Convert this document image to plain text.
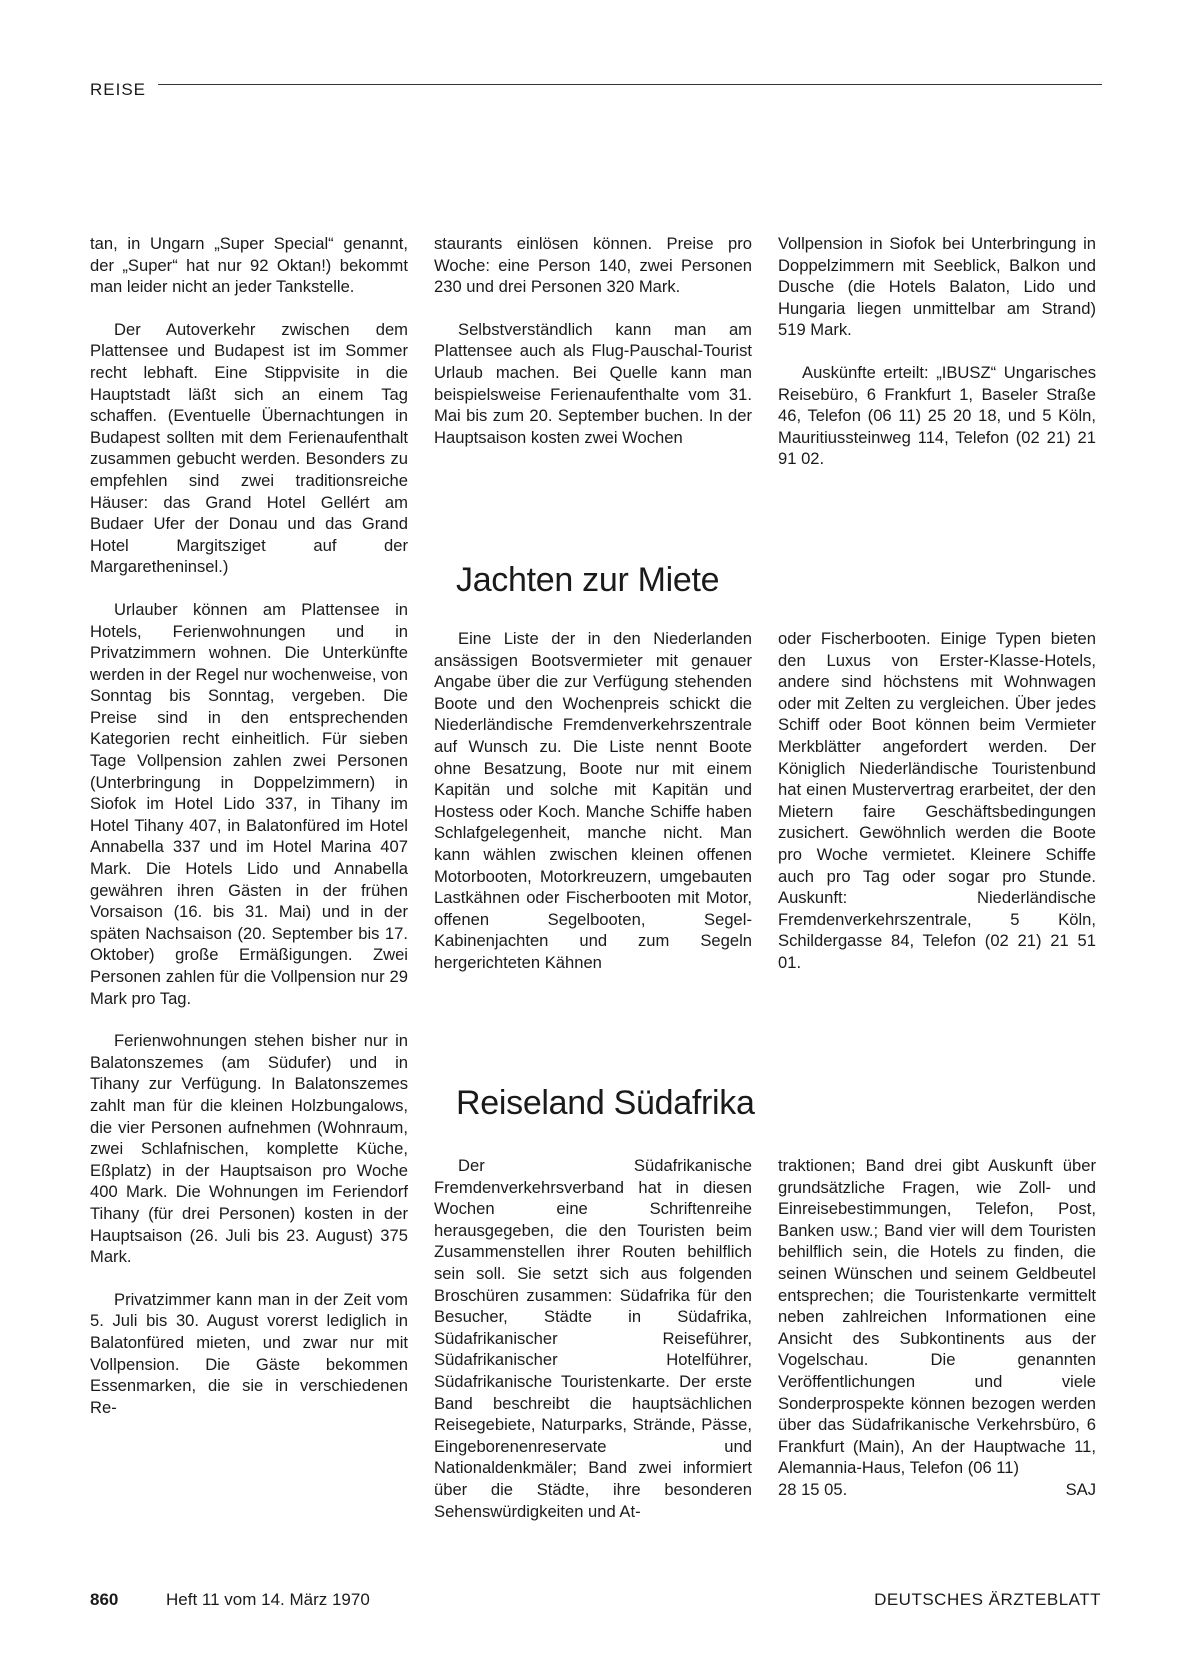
REISE

tan, in Ungarn „Super Special“ genannt, der „Super“ hat nur 92 Oktan!) bekommt man leider nicht an jeder Tankstelle.

Der Autoverkehr zwischen dem Plattensee und Budapest ist im Sommer recht lebhaft. Eine Stippvisite in die Hauptstadt läßt sich an einem Tag schaffen. (Eventuelle Übernachtungen in Budapest sollten mit dem Ferienaufenthalt zusammen gebucht werden. Besonders zu empfehlen sind zwei traditionsreiche Häuser: das Grand Hotel Gellért am Budaer Ufer der Donau und das Grand Hotel Margitsziget auf der Margaretheninsel.)

Urlauber können am Plattensee in Hotels, Ferienwohnungen und in Privatzimmern wohnen. Die Unterkünfte werden in der Regel nur wochenweise, von Sonntag bis Sonntag, vergeben. Die Preise sind in den entsprechenden Kategorien recht einheitlich. Für sieben Tage Vollpension zahlen zwei Personen (Unterbringung in Doppelzimmern) in Siofok im Hotel Lido 337, in Tihany im Hotel Tihany 407, in Balatonfüred im Hotel Annabella 337 und im Hotel Marina 407 Mark. Die Hotels Lido und Annabella gewähren ihren Gästen in der frühen Vorsaison (16. bis 31. Mai) und in der späten Nachsaison (20. September bis 17. Oktober) große Ermäßigungen. Zwei Personen zahlen für die Vollpension nur 29 Mark pro Tag.

Ferienwohnungen stehen bisher nur in Balatonszemes (am Südufer) und in Tihany zur Verfügung. In Balatonszemes zahlt man für die kleinen Holzbungalows, die vier Personen aufnehmen (Wohnraum, zwei Schlafnischen, komplette Küche, Eßplatz) in der Hauptsaison pro Woche 400 Mark. Die Wohnungen im Feriendorf Tihany (für drei Personen) kosten in der Hauptsaison (26. Juli bis 23. August) 375 Mark.

Privatzimmer kann man in der Zeit vom 5. Juli bis 30. August vorerst lediglich in Balatonfüred mieten, und zwar nur mit Vollpension. Die Gäste bekommen Essenmarken, die sie in verschiedenen Re-

staurants einlösen können. Preise pro Woche: eine Person 140, zwei Personen 230 und drei Personen 320 Mark.

Selbstverständlich kann man am Plattensee auch als Flug-Pauschal-Tourist Urlaub machen. Bei Quelle kann man beispielsweise Ferienaufenthalte vom 31. Mai bis zum 20. September buchen. In der Hauptsaison kosten zwei Wochen

Vollpension in Siofok bei Unterbringung in Doppelzimmern mit Seeblick, Balkon und Dusche (die Hotels Balaton, Lido und Hungaria liegen unmittelbar am Strand) 519 Mark.

Auskünfte erteilt: „IBUSZ“ Ungarisches Reisebüro, 6 Frankfurt 1, Baseler Straße 46, Telefon (06 11) 25 20 18, und 5 Köln, Mauritiussteinweg 114, Telefon (02 21) 21 91 02.

Jachten zur Miete

Eine Liste der in den Niederlanden ansässigen Bootsvermieter mit genauer Angabe über die zur Verfügung stehenden Boote und den Wochenpreis schickt die Niederländische Fremdenverkehrszentrale auf Wunsch zu. Die Liste nennt Boote ohne Besatzung, Boote nur mit einem Kapitän und solche mit Kapitän und Hostess oder Koch. Manche Schiffe haben Schlafgelegenheit, manche nicht. Man kann wählen zwischen kleinen offenen Motorbooten, Motorkreuzern, umgebauten Lastkähnen oder Fischerbooten mit Motor, offenen Segelbooten, Segel-Kabinenjachten und zum Segeln hergerichteten Kähnen

oder Fischerbooten. Einige Typen bieten den Luxus von Erster-Klasse-Hotels, andere sind höchstens mit Wohnwagen oder mit Zelten zu vergleichen. Über jedes Schiff oder Boot können beim Vermieter Merkblätter angefordert werden. Der Königlich Niederländische Touristenbund hat einen Mustervertrag erarbeitet, der den Mietern faire Geschäftsbedingungen zusichert. Gewöhnlich werden die Boote pro Woche vermietet. Kleinere Schiffe auch pro Tag oder sogar pro Stunde. Auskunft: Niederländische Fremdenverkehrszentrale, 5 Köln, Schildergasse 84, Telefon (02 21) 21 51 01.

Reiseland Südafrika

Der Südafrikanische Fremdenverkehrsverband hat in diesen Wochen eine Schriftenreihe herausgegeben, die den Touristen beim Zusammenstellen ihrer Routen behilflich sein soll. Sie setzt sich aus folgenden Broschüren zusammen: Südafrika für den Besucher, Städte in Südafrika, Südafrikanischer Reiseführer, Südafrikanischer Hotelführer, Südafrikanische Touristenkarte. Der erste Band beschreibt die hauptsächlichen Reisegebiete, Naturparks, Strände, Pässe, Eingeborenenreservate und Nationaldenkmäler; Band zwei informiert über die Städte, ihre besonderen Sehenswürdigkeiten und At-

traktionen; Band drei gibt Auskunft über grundsätzliche Fragen, wie Zoll- und Einreisebestimmungen, Telefon, Post, Banken usw.; Band vier will dem Touristen behilflich sein, die Hotels zu finden, die seinen Wünschen und seinem Geldbeutel entsprechen; die Touristenkarte vermittelt neben zahlreichen Informationen eine Ansicht des Subkontinents aus der Vogelschau. Die genannten Veröffentlichungen und viele Sonderprospekte können bezogen werden über das Südafrikanische Verkehrsbüro, 6 Frankfurt (Main), An der Hauptwache 11, Alemannia-Haus, Telefon (06 11)

28 15 05.	SAJ
860	Heft 11 vom 14. März 1970	DEUTSCHES ÄRZTEBLATT
